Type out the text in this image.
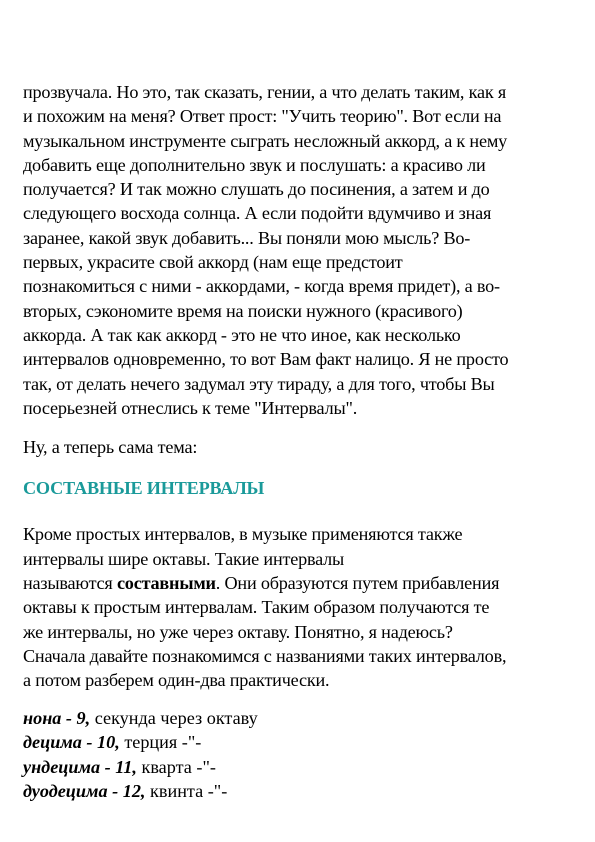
прозвучала. Но это, так сказать, гении, а что делать таким, как я
и похожим на меня? Ответ прост: "Учить теорию". Вот если на
музыкальном инструменте сыграть несложный аккорд, а к нему
добавить еще дополнительно звук и послушать: а красиво ли
получается? И так можно слушать до посинения, а затем и до
следующего восхода солнца. А если подойти вдумчиво и зная
заранее, какой звук добавить... Вы поняли мою мысль? Во-
первых, украсите свой аккорд (нам еще предстоит
познакомиться с ними - аккордами, - когда время придет), а во-
вторых, сэкономите время на поиски нужного (красивого)
аккорда. А так как аккорд - это не что иное, как несколько
интервалов одновременно, то вот Вам факт налицо. Я не просто
так, от делать нечего задумал эту тираду, а для того, чтобы Вы
посерьезней отнеслись к теме "Интервалы".

Ну, а теперь сама тема:

СОСТАВНЫЕ ИНТЕРВАЛЫ

Кроме простых интервалов, в музыке применяются также
интервалы шире октавы. Такие интервалы
называются составными. Они образуются путем прибавления
октавы к простым интервалам. Таким образом получаются те
же интервалы, но уже через октаву. Понятно, я надеюсь?
Сначала давайте познакомимся с названиями таких интервалов,
а потом разберем один-два практически.

нона - 9, секунда через октаву
децима - 10, терция -"-
ундецима - 11, кварта -"-
дуодецима - 12, квинта -"-
